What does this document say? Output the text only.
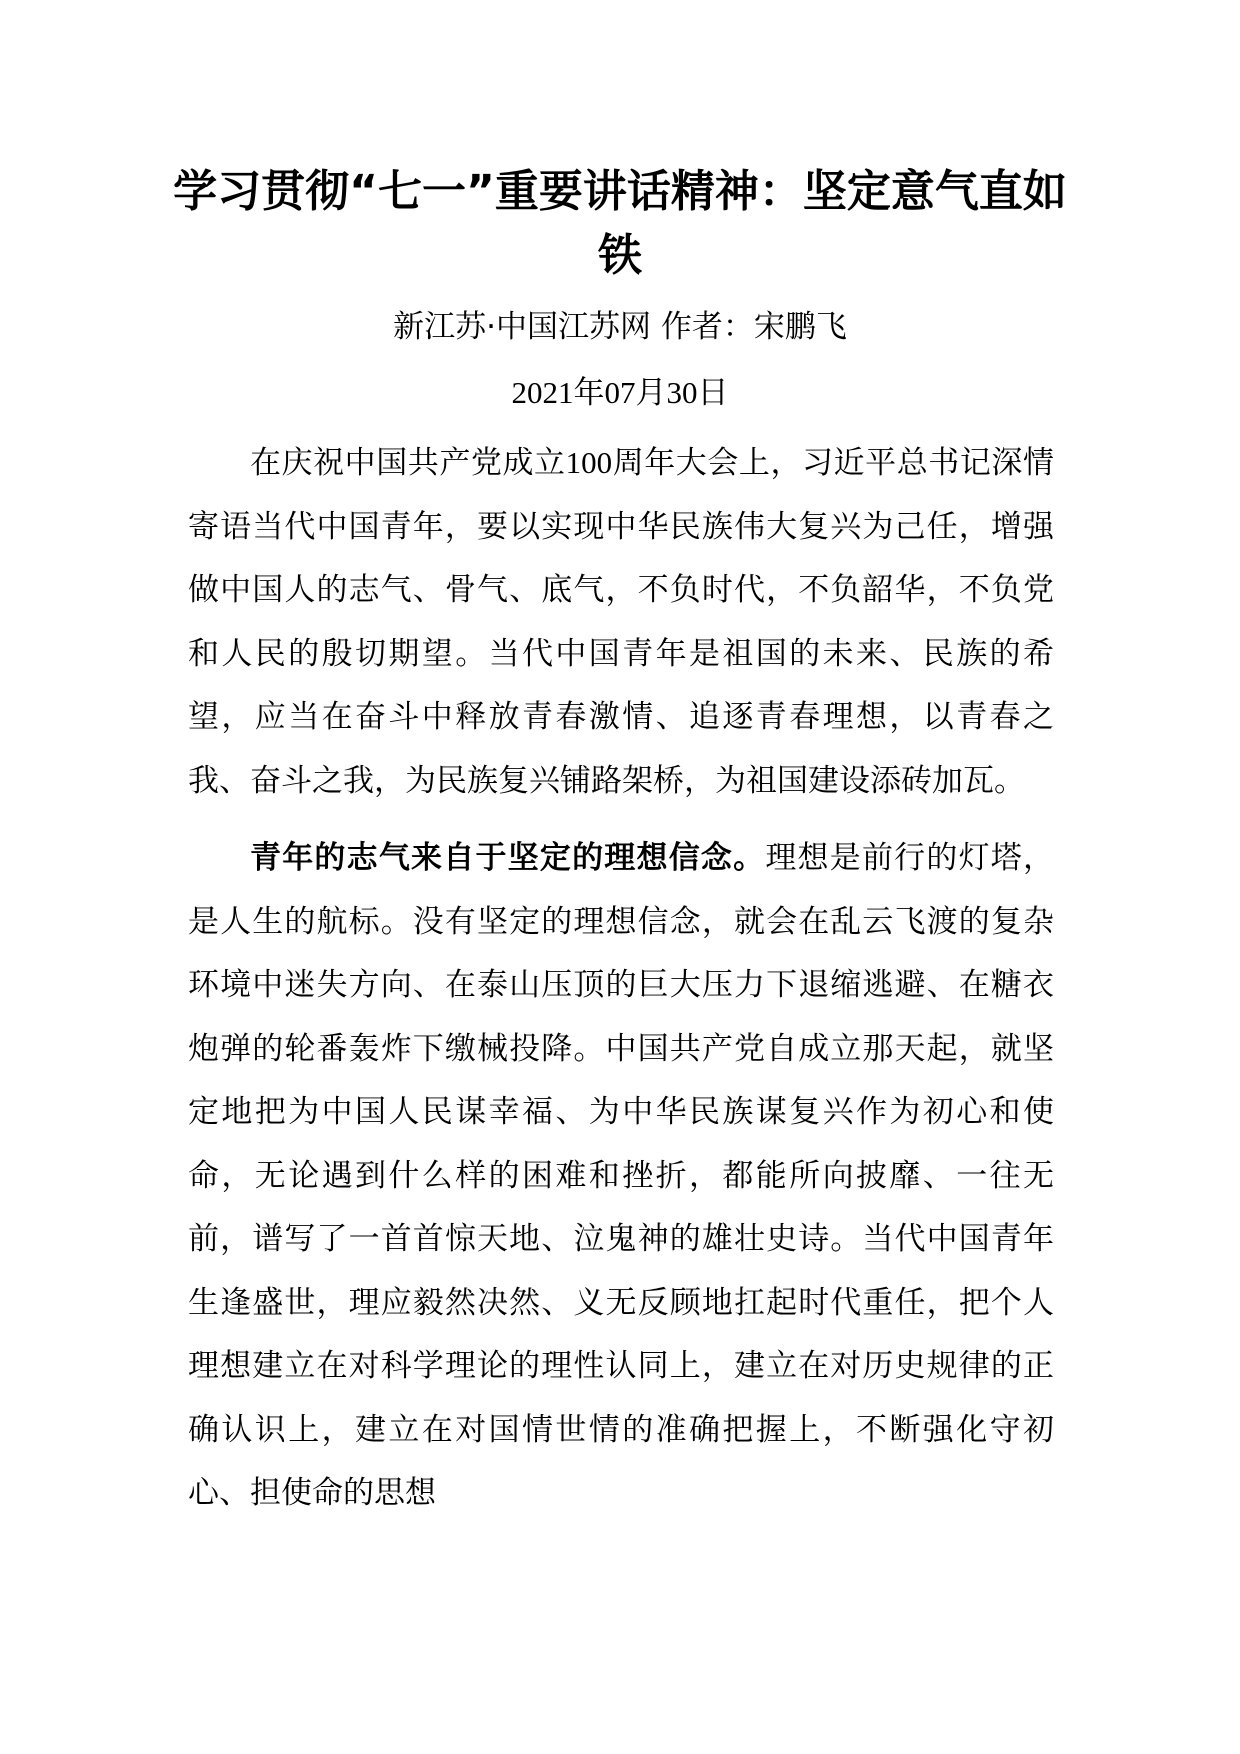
学习贯彻“七一”重要讲话精神：坚定意气直如铁

新江苏·中国江苏网 作者：宋鹏飞

2021年07月30日

在庆祝中国共产党成立100周年大会上，习近平总书记深情寄语当代中国青年，要以实现中华民族伟大复兴为己任，增强做中国人的志气、骨气、底气，不负时代，不负韶华，不负党和人民的殷切期望。当代中国青年是祖国的未来、民族的希望，应当在奋斗中释放青春激情、追逐青春理想，以青春之我、奋斗之我，为民族复兴铺路架桥，为祖国建设添砖加瓦。

青年的志气来自于坚定的理想信念。理想是前行的灯塔，是人生的航标。没有坚定的理想信念，就会在乱云飞渡的复杂环境中迷失方向、在泰山压顶的巨大压力下退缩逃避、在糖衣炮弹的轮番轰炸下缴械投降。中国共产党自成立那天起，就坚定地把为中国人民谋幸福、为中华民族谋复兴作为初心和使命，无论遇到什么样的困难和挫折，都能所向披靡、一往无前，谱写了一首首惊天地、泣鬼神的雄壮史诗。当代中国青年生逢盛世，理应毅然决然、义无反顾地扛起时代重任，把个人理想建立在对科学理论的理性认同上，建立在对历史规律的正确认识上，建立在对国情世情的准确把握上，不断强化守初心、担使命的思想
